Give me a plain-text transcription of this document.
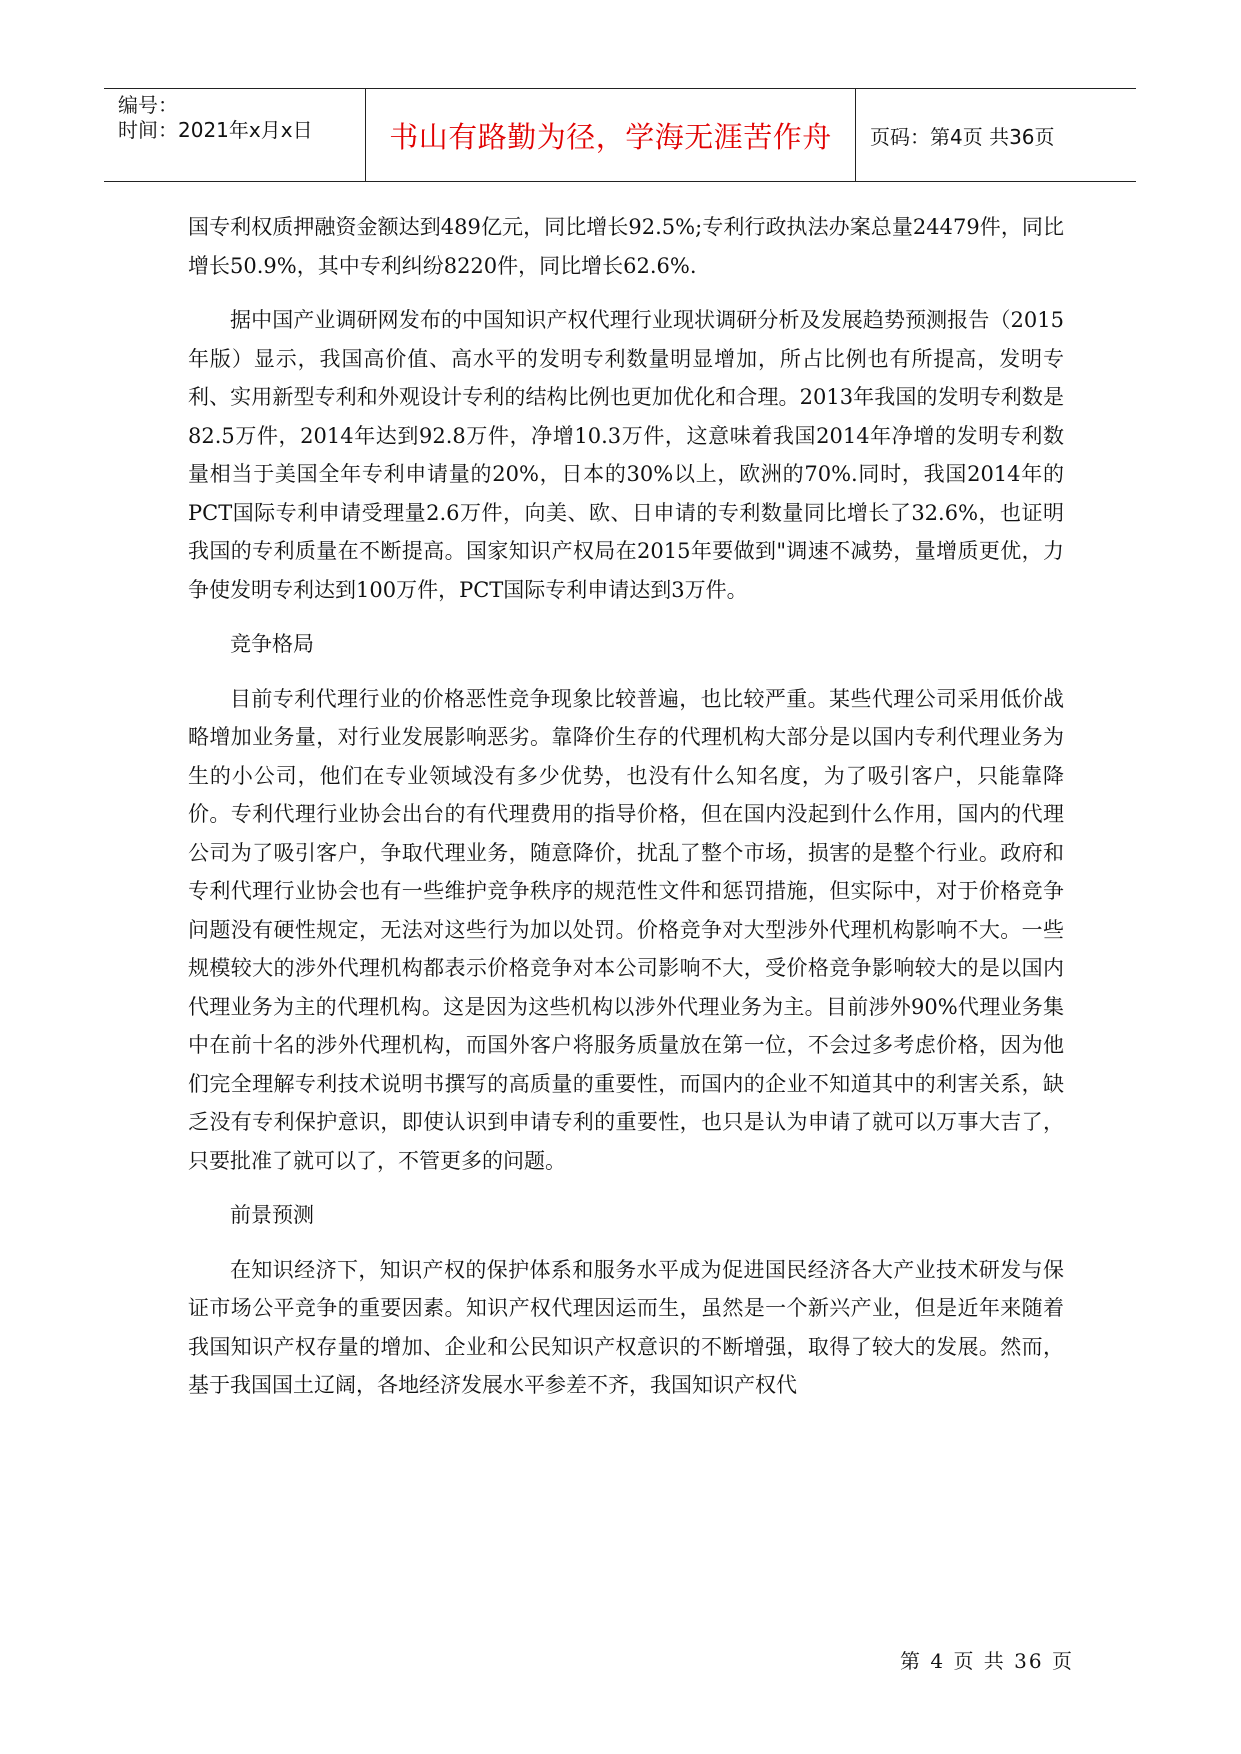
编号：
时间：2021年x月x日	书山有路勤为径，学海无涯苦作舟 页码：第4页 共36页

国专利权质押融资金额达到489亿元，同比增长92.5%;专利行政执法办案总量24479件，同比增长50.9%，其中专利纠纷8220件，同比增长62.6%.

据中国产业调研网发布的中国知识产权代理行业现状调研分析及发展趋势预测报告（2015年版）显示，我国高价值、高水平的发明专利数量明显增加，所占比例也有所提高，发明专利、实用新型专利和外观设计专利的结构比例也更加优化和合理。2013年我国的发明专利数是82.5万件，2014年达到92.8万件，净增10.3万件，这意味着我国2014年净增的发明专利数量相当于美国全年专利申请量的20%，日本的30%以上，欧洲的70%.同时，我国2014年的PCT国际专利申请受理量2.6万件，向美、欧、日申请的专利数量同比增长了32.6%，也证明我国的专利质量在不断提高。国家知识产权局在2015年要做到"调速不减势，量增质更优，力争使发明专利达到100万件，PCT国际专利申请达到3万件。

竞争格局

目前专利代理行业的价格恶性竞争现象比较普遍，也比较严重。某些代理公司采用低价战略增加业务量，对行业发展影响恶劣。靠降价生存的代理机构大部分是以国内专利代理业务为生的小公司，他们在专业领域没有多少优势，也没有什么知名度，为了吸引客户，只能靠降价。专利代理行业协会出台的有代理费用的指导价格，但在国内没起到什么作用，国内的代理公司为了吸引客户，争取代理业务，随意降价，扰乱了整个市场，损害的是整个行业。政府和专利代理行业协会也有一些维护竞争秩序的规范性文件和惩罚措施，但实际中，对于价格竞争问题没有硬性规定，无法对这些行为加以处罚。价格竞争对大型涉外代理机构影响不大。一些规模较大的涉外代理机构都表示价格竞争对本公司影响不大，受价格竞争影响较大的是以国内代理业务为主的代理机构。这是因为这些机构以涉外代理业务为主。目前涉外90%代理业务集中在前十名的涉外代理机构，而国外客户将服务质量放在第一位，不会过多考虑价格，因为他们完全理解专利技术说明书撰写的高质量的重要性，而国内的企业不知道其中的利害关系，缺乏没有专利保护意识，即使认识到申请专利的重要性，也只是认为申请了就可以万事大吉了，只要批准了就可以了，不管更多的问题。

前景预测

在知识经济下，知识产权的保护体系和服务水平成为促进国民经济各大产业技术研发与保证市场公平竞争的重要因素。知识产权代理因运而生，虽然是一个新兴产业，但是近年来随着我国知识产权存量的增加、企业和公民知识产权意识的不断增强，取得了较大的发展。然而，基于我国国土辽阔，各地经济发展水平参差不齐，我国知识产权代

第 4 页 共 36 页
